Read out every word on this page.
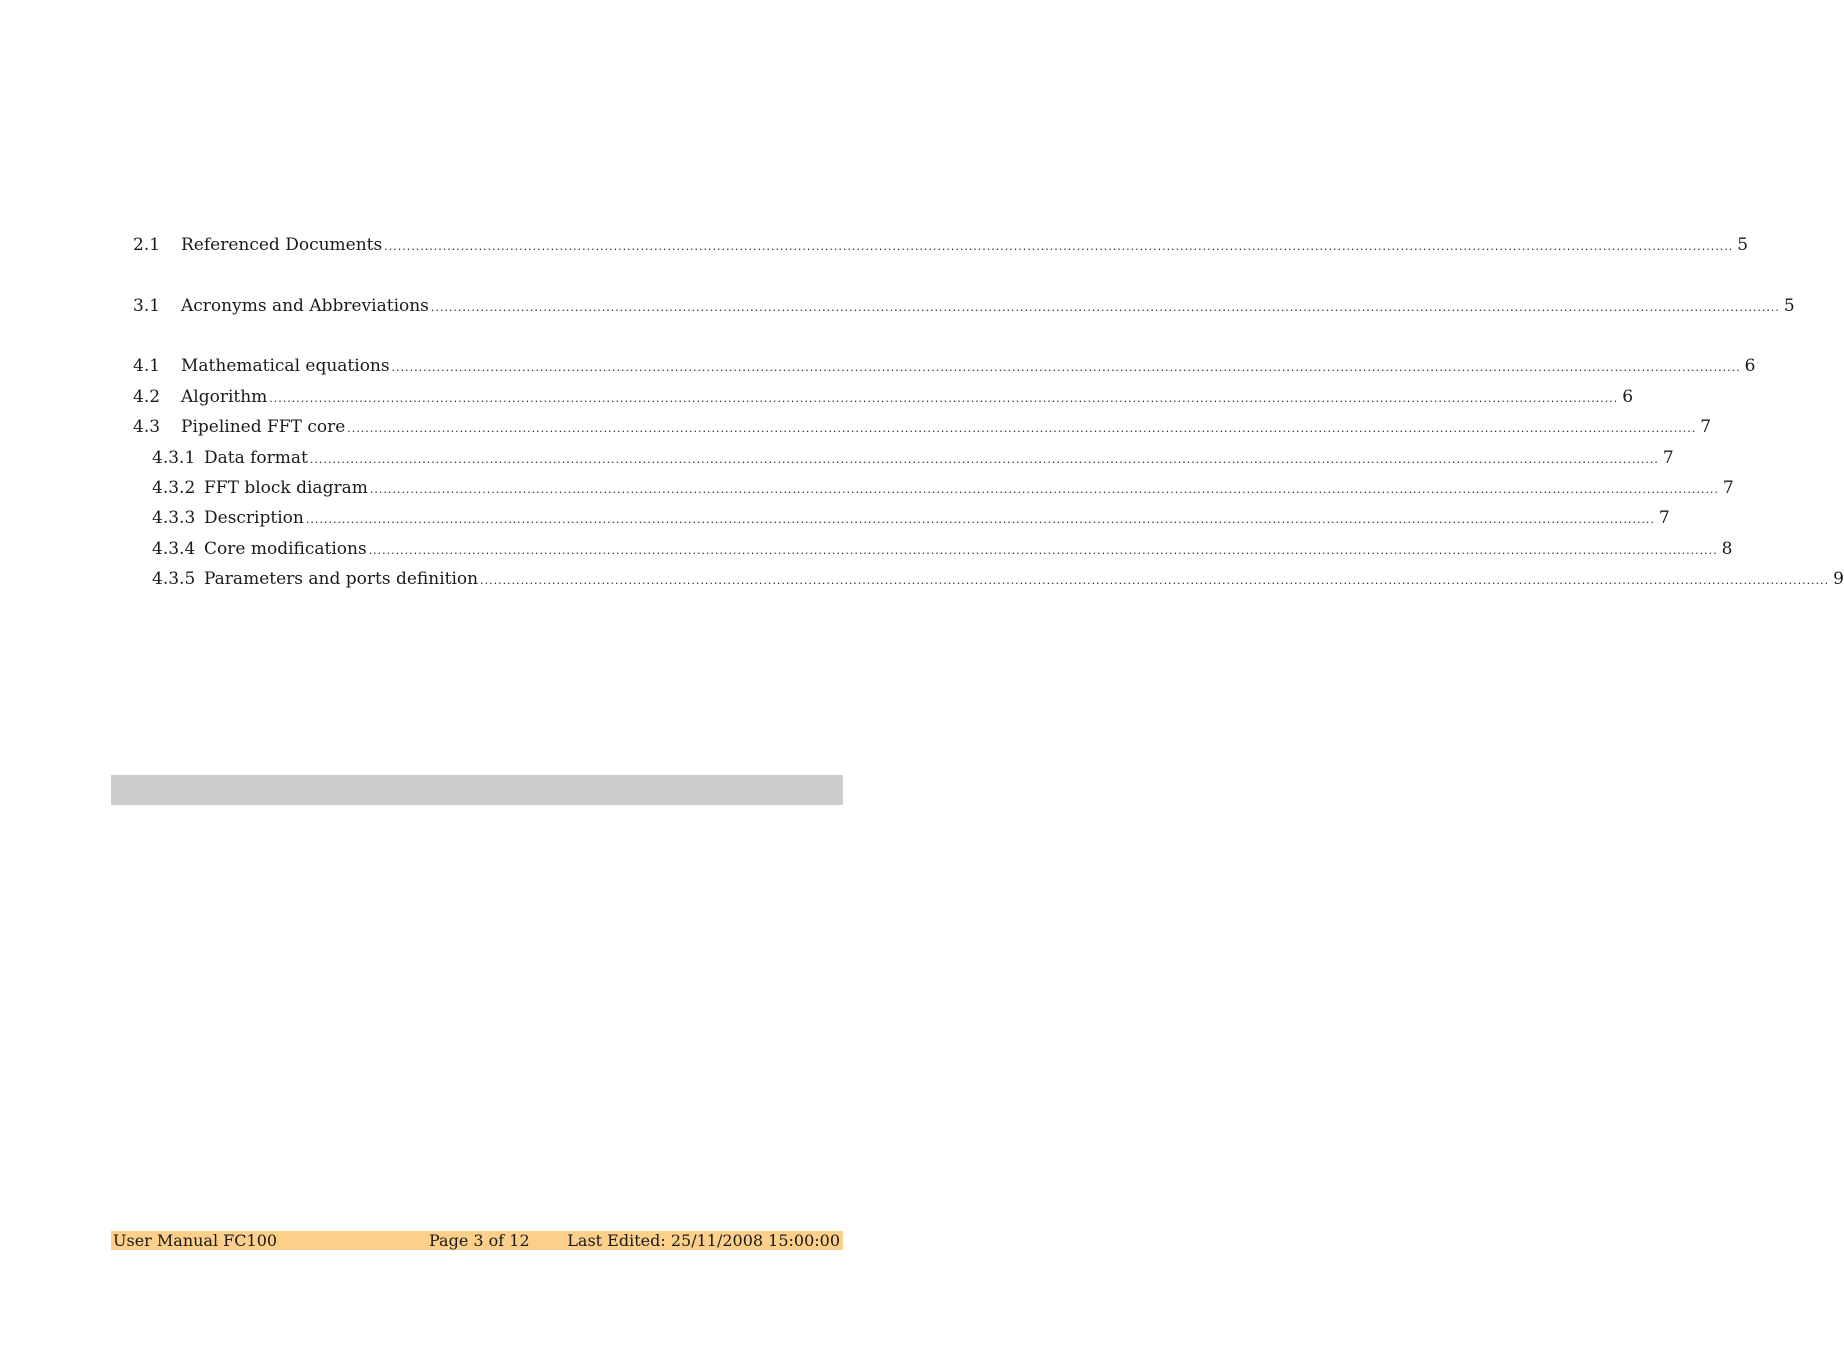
2.1	Referenced Documents ............................................................................................................................................................................................................................................................................................................ 5
3.1	Acronyms and Abbreviations ............................................................................................................................................................................................................................................................................................................ 5
4.1	Mathematical equations ............................................................................................................................................................................................................................................................................................................ 6
4.2	Algorithm ............................................................................................................................................................................................................................................................................................................ 6
4.3	Pipelined FFT core ............................................................................................................................................................................................................................................................................................................ 7
4.3.1 Data format ............................................................................................................................................................................................................................................................................................................ 7
4.3.2 FFT block diagram ............................................................................................................................................................................................................................................................................................................ 7
4.3.3 Description ............................................................................................................................................................................................................................................................................................................ 7
4.3.4 Core modifications ............................................................................................................................................................................................................................................................................................................ 8
4.3.5 Parameters and ports definition ............................................................................................................................................................................................................................................................................................................ 9
User Manual FC100	Page 3 of 12 Last Edited: 25/11/2008 15:00:00
